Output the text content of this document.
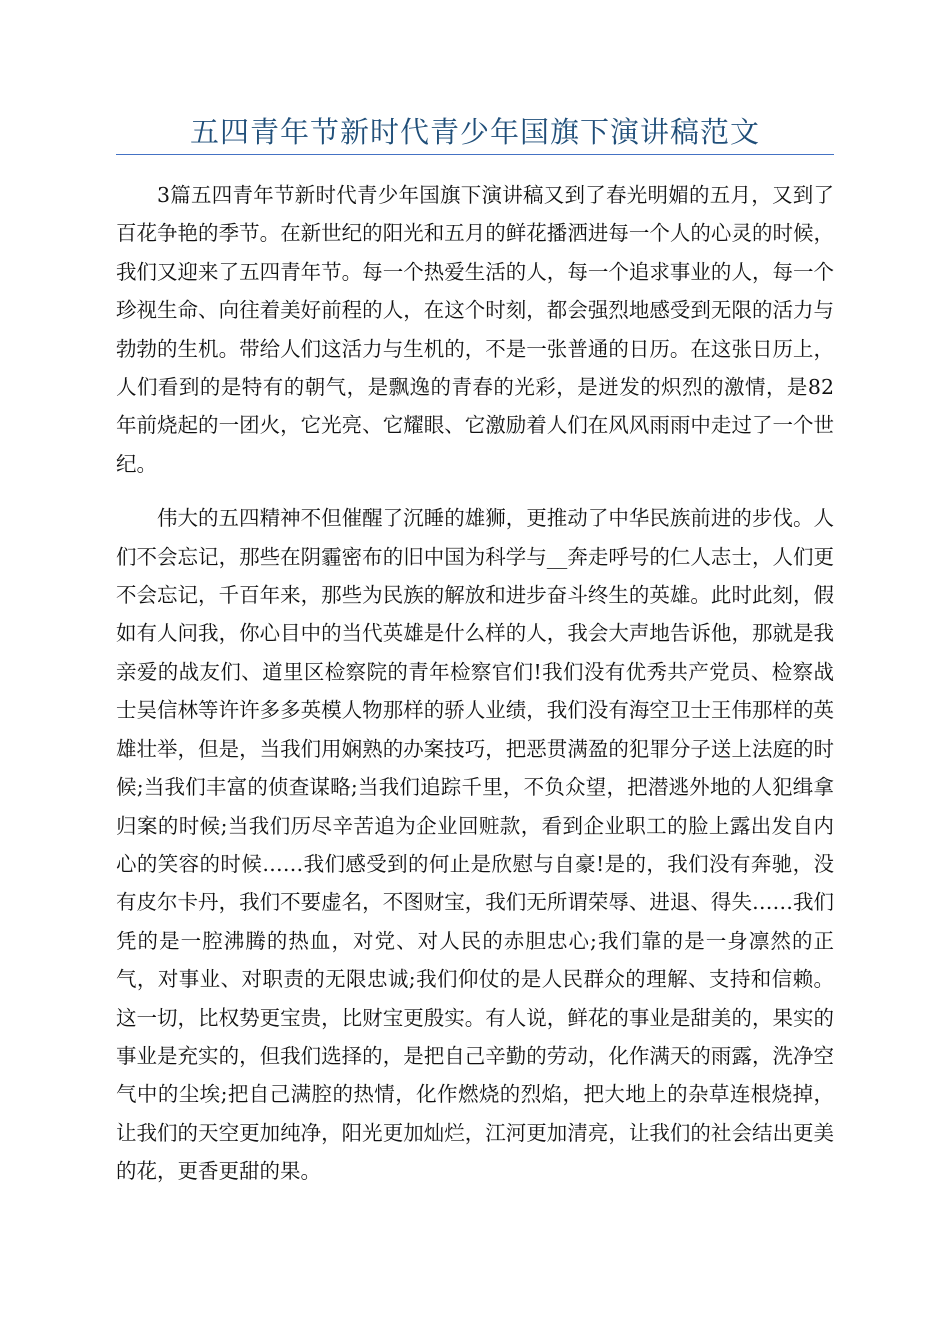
五四青年节新时代青少年国旗下演讲稿范文

3篇五四青年节新时代青少年国旗下演讲稿又到了春光明媚的五月，又到了百花争艳的季节。在新世纪的阳光和五月的鲜花播洒进每一个人的心灵的时候，我们又迎来了五四青年节。每一个热爱生活的人，每一个追求事业的人，每一个珍视生命、向往着美好前程的人，在这个时刻，都会强烈地感受到无限的活力与勃勃的生机。带给人们这活力与生机的，不是一张普通的日历。在这张日历上，人们看到的是特有的朝气，是飘逸的青春的光彩，是迸发的炽烈的激情，是82年前烧起的一团火，它光亮、它耀眼、它激励着人们在风风雨雨中走过了一个世纪。

伟大的五四精神不但催醒了沉睡的雄狮，更推动了中华民族前进的步伐。人们不会忘记，那些在阴霾密布的旧中国为科学与__奔走呼号的仁人志士，人们更不会忘记，千百年来，那些为民族的解放和进步奋斗终生的英雄。此时此刻，假如有人问我，你心目中的当代英雄是什么样的人，我会大声地告诉他，那就是我亲爱的战友们、道里区检察院的青年检察官们!我们没有优秀共产党员、检察战士吴信林等许许多多英模人物那样的骄人业绩，我们没有海空卫士王伟那样的英雄壮举，但是，当我们用娴熟的办案技巧，把恶贯满盈的犯罪分子送上法庭的时候;当我们丰富的侦查谋略;当我们追踪千里，不负众望，把潜逃外地的人犯缉拿归案的时候;当我们历尽辛苦追为企业回赃款，看到企业职工的脸上露出发自内心的笑容的时候……我们感受到的何止是欣慰与自豪!是的，我们没有奔驰，没有皮尔卡丹，我们不要虚名，不图财宝，我们无所谓荣辱、进退、得失……我们凭的是一腔沸腾的热血，对党、对人民的赤胆忠心;我们靠的是一身凛然的正气，对事业、对职责的无限忠诚;我们仰仗的是人民群众的理解、支持和信赖。这一切，比权势更宝贵，比财宝更殷实。有人说，鲜花的事业是甜美的，果实的事业是充实的，但我们选择的，是把自己辛勤的劳动，化作满天的雨露，洗净空气中的尘埃;把自己满腔的热情，化作燃烧的烈焰，把大地上的杂草连根烧掉，让我们的天空更加纯净，阳光更加灿烂，江河更加清亮，让我们的社会结出更美的花，更香更甜的果。
